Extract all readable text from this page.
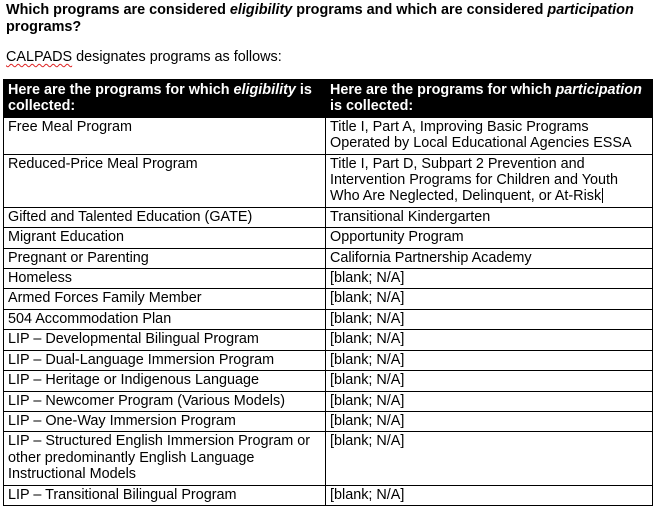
Which programs are considered eligibility programs and which are considered participation programs?
CALPADS designates programs as follows:
Here are the programs for which eligibility is collected:	Here are the programs for which participation is collected:
Free Meal Program	Title I, Part A, Improving Basic Programs Operated by Local Educational Agencies ESSA
Reduced-Price Meal Program	Title I, Part D, Subpart 2 Prevention and Intervention Programs for Children and Youth Who Are Neglected, Delinquent, or At-Risk
Gifted and Talented Education (GATE)	Transitional Kindergarten
Migrant Education	Opportunity Program
Pregnant or Parenting	California Partnership Academy
Homeless	[blank; N/A]
Armed Forces Family Member	[blank; N/A]
504 Accommodation Plan	[blank; N/A]
LIP – Developmental Bilingual Program	[blank; N/A]
LIP – Dual-Language Immersion Program	[blank; N/A]
LIP – Heritage or Indigenous Language	[blank; N/A]
LIP – Newcomer Program (Various Models)	[blank; N/A]
LIP – One-Way Immersion Program	[blank; N/A]
LIP – Structured English Immersion Program or other predominantly English Language Instructional Models	[blank; N/A]
LIP – Transitional Bilingual Program	[blank; N/A]
